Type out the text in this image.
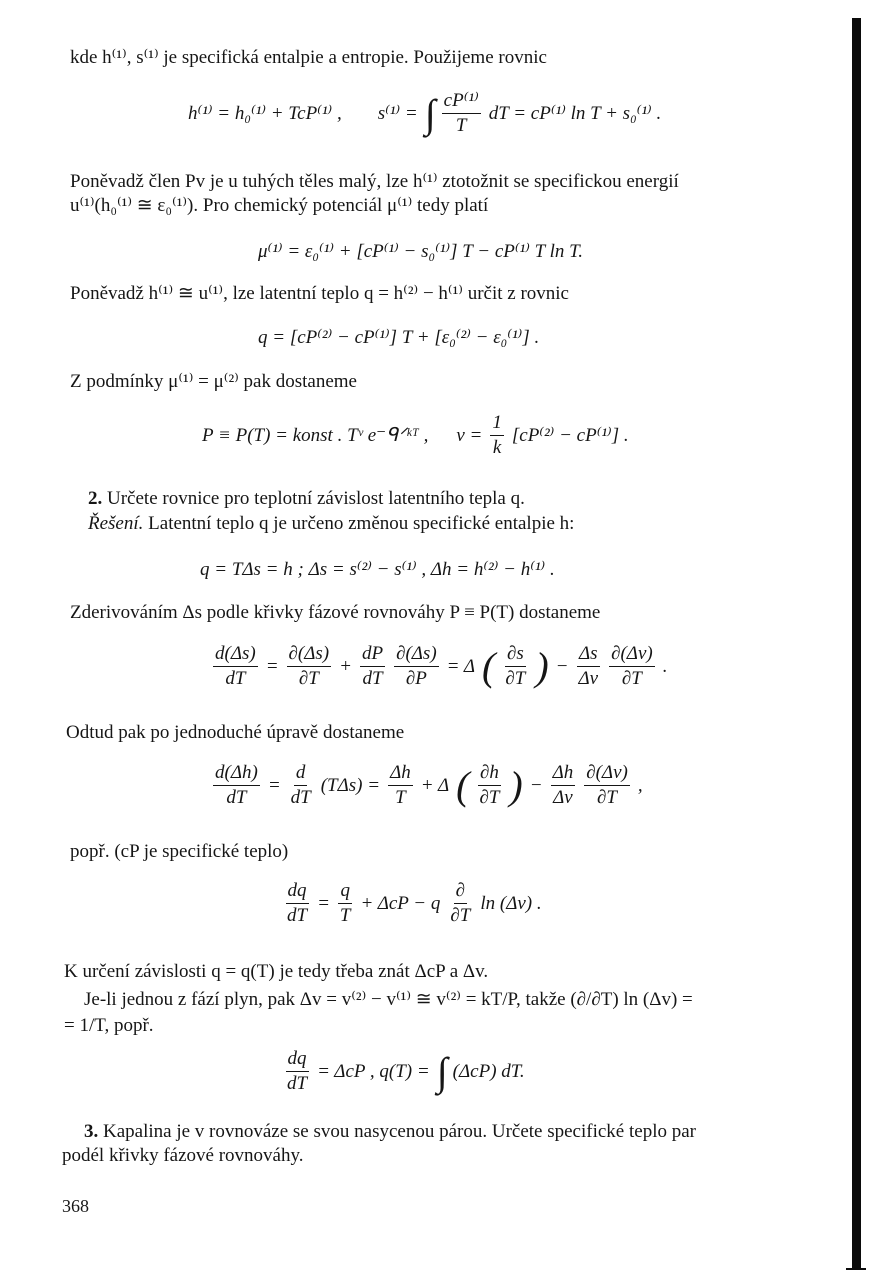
kde h⁽¹⁾, s⁽¹⁾ je specifická entalpie a entropie. Použijeme rovnic
h⁽¹⁾ = h₀⁽¹⁾ + TcP⁽¹⁾ , s⁽¹⁾ = ∫ $\frac{\text{cP⁽¹⁾}}{T}$ dT = cP⁽¹⁾ ln T + s₀⁽¹⁾ .
Poněvadž člen Pv je u tuhých těles malý, lze h⁽¹⁾ ztotožnit se specifickou energií
u⁽¹⁾(h₀⁽¹⁾ ≅ ε₀⁽¹⁾). Pro chemický potenciál μ⁽¹⁾ tedy platí
μ⁽¹⁾ = ε₀⁽¹⁾ + [cP⁽¹⁾ − s₀⁽¹⁾] T − cP⁽¹⁾ T ln T.
Poněvadž h⁽¹⁾ ≅ u⁽¹⁾, lze latentní teplo q = h⁽²⁾ − h⁽¹⁾ určit z rovnic
q = [cP⁽²⁾ − cP⁽¹⁾] T + [ε₀⁽²⁾ − ε₀⁽¹⁾] .
Z podmínky μ⁽¹⁾ = μ⁽²⁾ pak dostaneme
P ≡ P(T) = konst . Tᵛ e⁻ᑫᐟᵏᵀ , $v = \frac{1}{k} [cP^{(2)} - cP^{(1)}]$ .
2. Určete rovnice pro teplotní závislost latentního tepla q.
Řešení. Latentní teplo q je určeno změnou specifické entalpie h:
q = TΔs = h ; Δs = s⁽²⁾ − s⁽¹⁾ , Δh = h⁽²⁾ − h⁽¹⁾ .
Zderivováním Δs podle křivky fázové rovnováhy P ≡ P(T) dostaneme
$\frac{d(\Delta s)}{dT} = \frac{\partial(\Delta s)}{\partial T} + \frac{dP}{dT} \frac{\partial(\Delta s)}{\partial P} = \Delta$ ( $\frac{\partial s}{\partial T}$ ) − $\frac{\Delta s}{\Delta v} \frac{\partial(\Delta v)}{\partial T}$ .
Odtud pak po jednoduché úpravě dostaneme
$\frac{d(\Delta h)}{dT} = \frac{d}{dT} (T\Delta s) = \frac{\Delta h}{T} + \Delta$ ( $\frac{\partial h}{\partial T}$ ) − $\frac{\Delta h}{\Delta v} \frac{\partial(\Delta v)}{\partial T}$ ,
popř. (cP je specifické teplo)
$\frac{dq}{dT} = \frac{q}{T} + \Delta cP - q \frac{\partial}{\partial T}$ ln (Δv) .
K určení závislosti q = q(T) je tedy třeba znát ΔcP a Δv.
Je-li jednou z fází plyn, pak Δv = v⁽²⁾ − v⁽¹⁾ ≅ v⁽²⁾ = kT/P, takže (∂/∂T) ln (Δv) =
= 1/T, popř.
$\frac{dq}{dT} = \Delta cP$ , q(T) = ∫ (ΔcP) dT.
3. Kapalina je v rovnováze se svou nasycenou párou. Určete specifické teplo par
podél křivky fázové rovnováhy.
368
